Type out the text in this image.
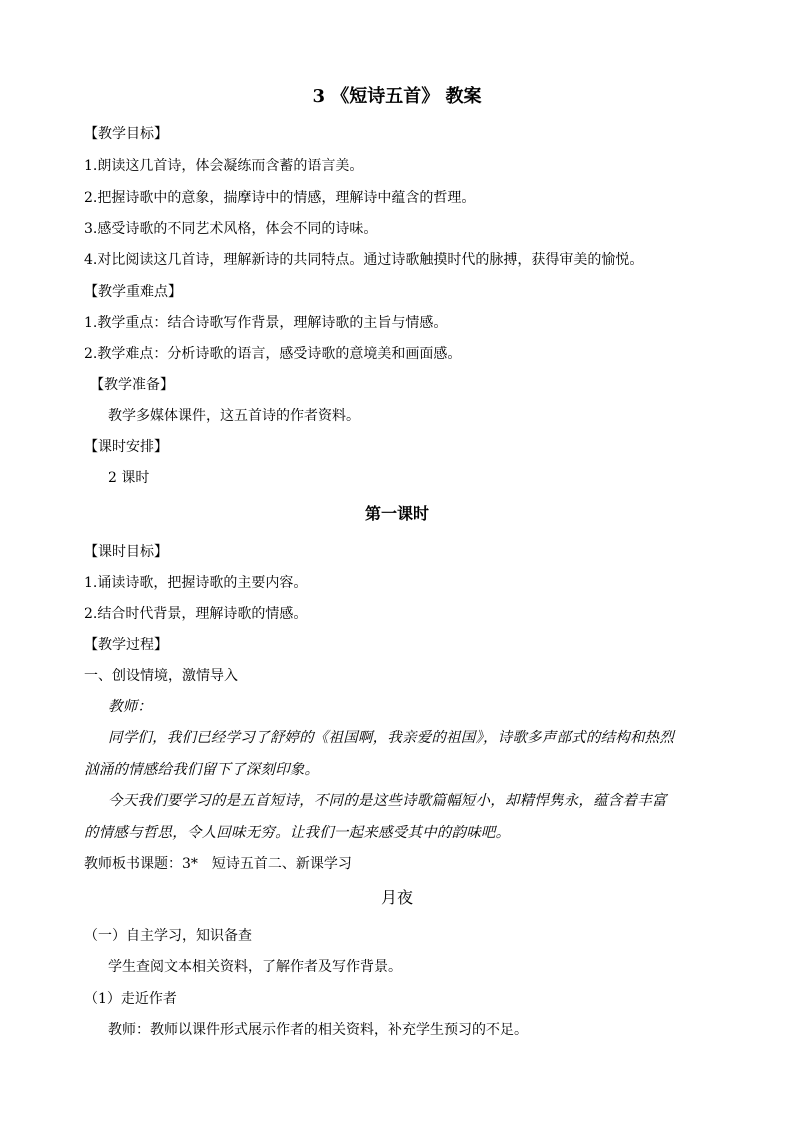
3 《短诗五首》 教案
【教学目标】
1.朗读这几首诗，体会凝练而含蓄的语言美。
2.把握诗歌中的意象，揣摩诗中的情感，理解诗中蕴含的哲理。
3.感受诗歌的不同艺术风格，体会不同的诗味。
4.对比阅读这几首诗，理解新诗的共同特点。通过诗歌触摸时代的脉搏，获得审美的愉悦。
【教学重难点】
1.教学重点：结合诗歌写作背景，理解诗歌的主旨与情感。
2.教学难点：分析诗歌的语言，感受诗歌的意境美和画面感。
【教学准备】
教学多媒体课件，这五首诗的作者资料。
【课时安排】
2 课时
第一课时
【课时目标】
1.诵读诗歌，把握诗歌的主要内容。
2.结合时代背景，理解诗歌的情感。
【教学过程】
一、创设情境，激情导入
教师：
同学们，我们已经学习了舒婷的《祖国啊，我亲爱的祖国》，诗歌多声部式的结构和热烈
汹涌的情感给我们留下了深刻印象。
今天我们要学习的是五首短诗，不同的是这些诗歌篇幅短小，却精悍隽永，蕴含着丰富
的情感与哲思，令人回味无穷。让我们一起来感受其中的韵味吧。
教师板书课题：3*　短诗五首二、新课学习
月夜
（一）自主学习，知识备查
学生查阅文本相关资料，了解作者及写作背景。
（1）走近作者
教师：教师以课件形式展示作者的相关资料，补充学生预习的不足。
